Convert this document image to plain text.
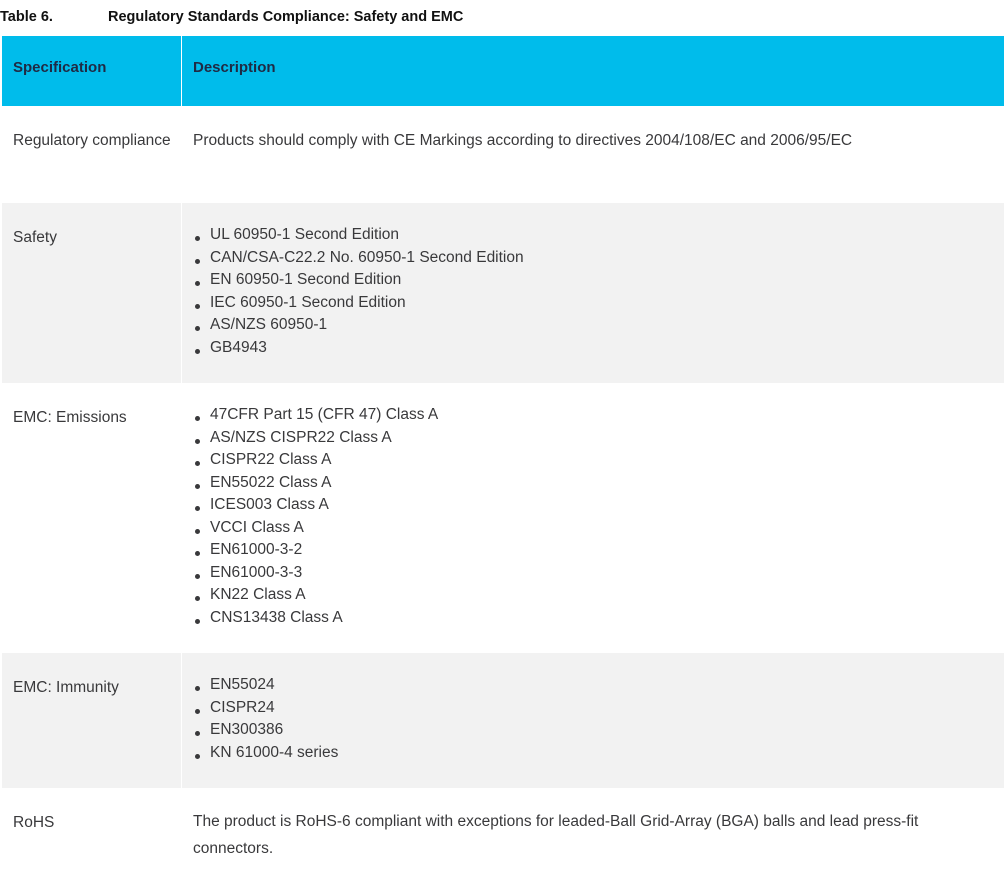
Table 6.	Regulatory Standards Compliance: Safety and EMC
Specification	Description
Regulatory compliance	Products should comply with CE Markings according to directives 2004/108/EC and 2006/95/EC
Safety	UL 60950-1 Second Edition
CAN/CSA-C22.2 No. 60950-1 Second Edition
EN 60950-1 Second Edition
IEC 60950-1 Second Edition
AS/NZS 60950-1
GB4943
EMC: Emissions	47CFR Part 15 (CFR 47) Class A
AS/NZS CISPR22 Class A
CISPR22 Class A
EN55022 Class A
ICES003 Class A
VCCI Class A
EN61000-3-2
EN61000-3-3
KN22 Class A
CNS13438 Class A
EMC: Immunity	EN55024
CISPR24
EN300386
KN 61000-4 series
RoHS	The product is RoHS-6 compliant with exceptions for leaded-Ball Grid-Array (BGA) balls and lead press-fit connectors.
